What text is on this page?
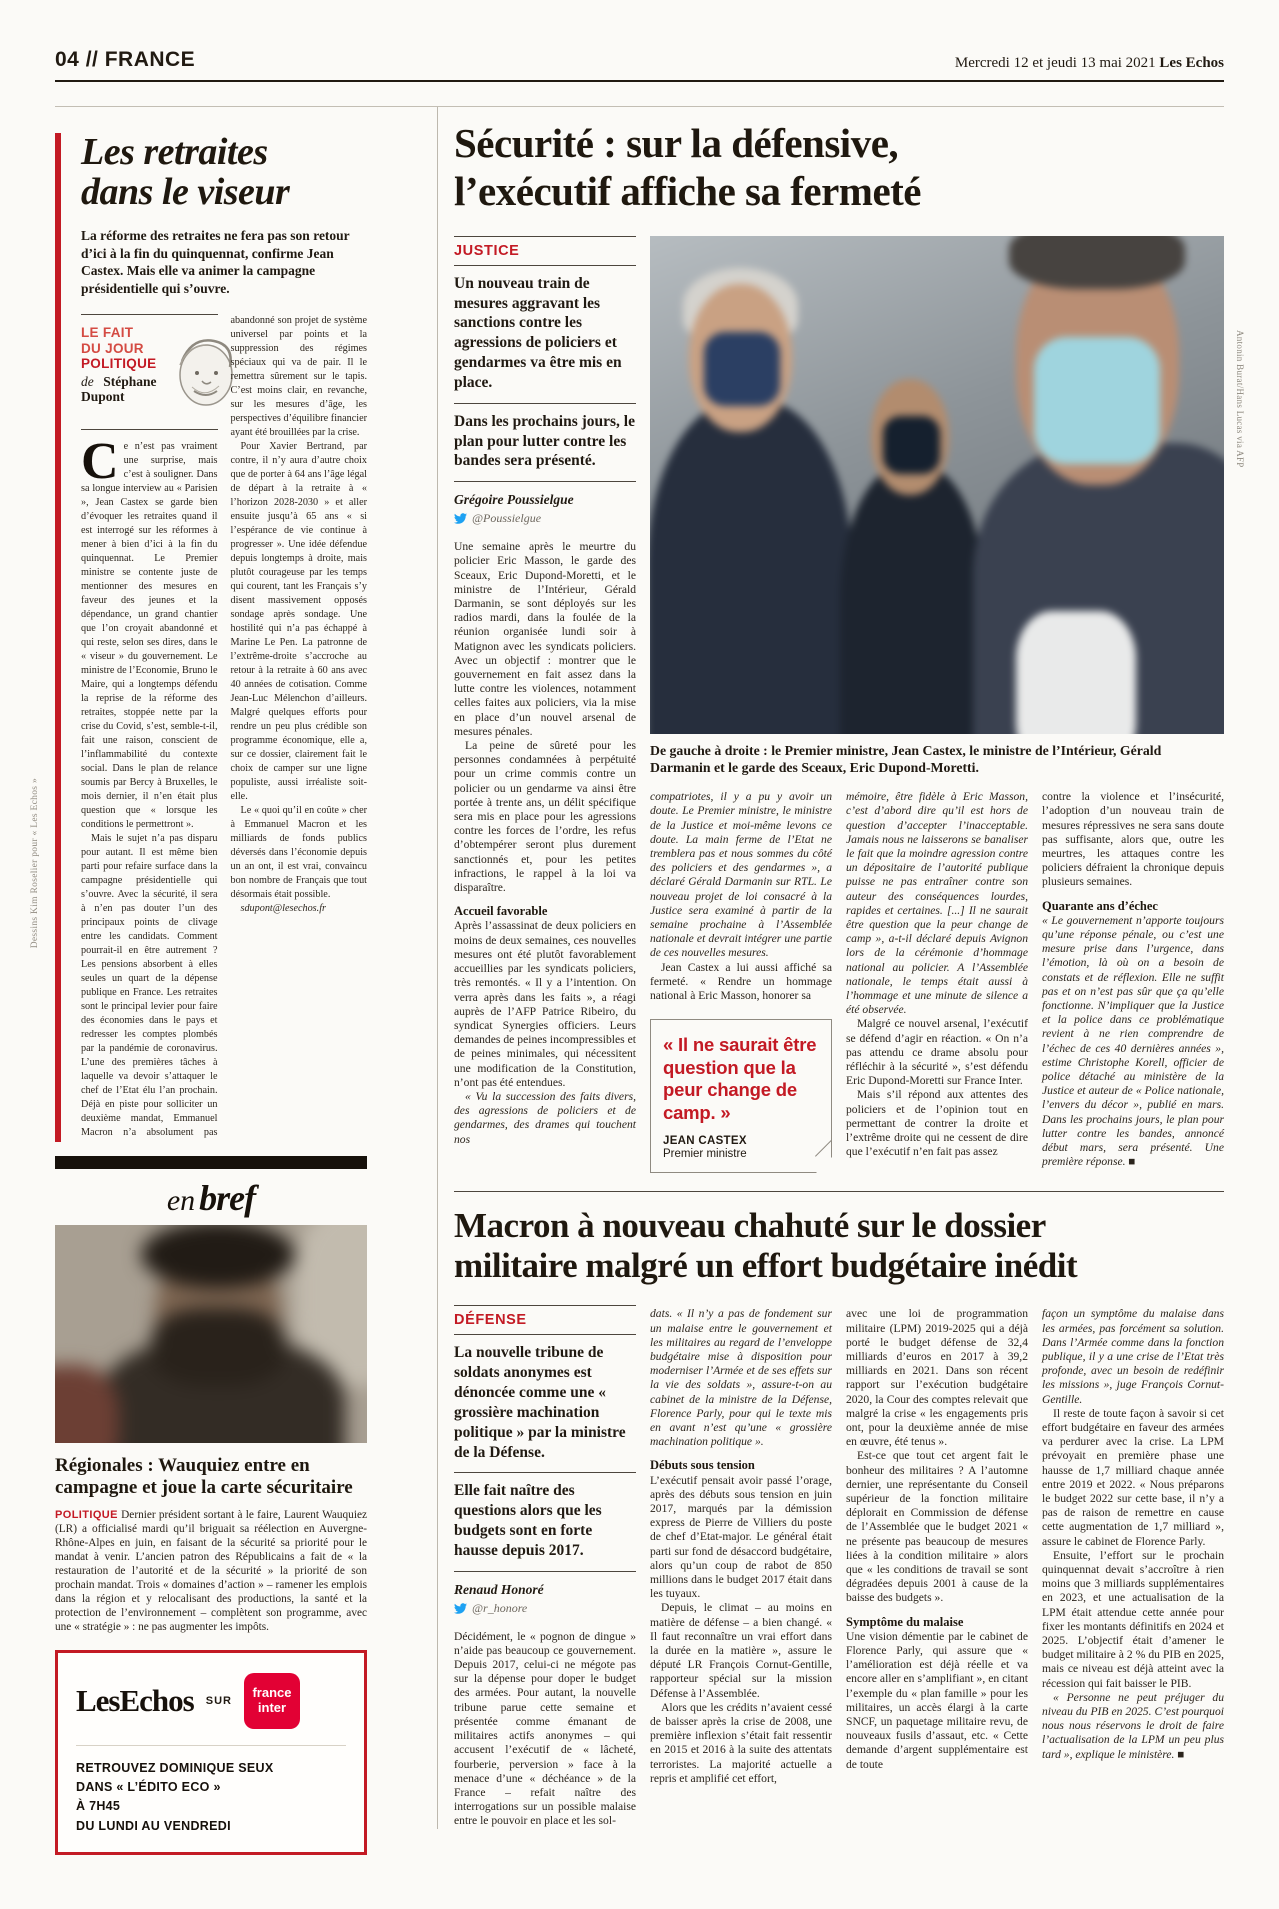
04 // FRANCE	Mercredi 12 et jeudi 13 mai 2021 Les Echos
Les retraites
dans le viseur
La réforme des retraites ne fera pas son retour d’ici à la fin du quinquennat, confirme Jean Castex. Mais elle va animer la campagne présidentielle qui s’ouvre.
LE FAIT
DU JOUR
POLITIQUE
de Stéphane Dupont

Ce n’est pas vraiment une surprise, mais c’est à souligner. Dans sa longue interview au « Parisien », Jean Castex se garde bien d’évoquer les retraites quand il est interrogé sur les réformes à mener à bien d’ici à la fin du quinquennat. Le Premier ministre se contente juste de mentionner des mesures en faveur des jeunes et la dépendance, un grand chantier que l’on croyait abandonné et qui reste, selon ses dires, dans le « viseur » du gouvernement. Le ministre de l’Economie, Bruno le Maire, qui a longtemps défendu la reprise de la réforme des retraites, stoppée nette par la crise du Covid, s’est, semble-t-il, fait une raison, conscient de l’inflammabilité du contexte social. Dans le plan de relance soumis par Bercy à Bruxelles, le mois dernier, il n’en était plus question que « lorsque les conditions le permettront ».

Mais le sujet n’a pas disparu pour autant. Il est même bien parti pour refaire surface dans la campagne présidentielle qui s’ouvre. Avec la sécurité, il sera à n’en pas douter l’un des principaux points de clivage entre les candidats. Comment pourrait-il en être autrement ? Les pensions absorbent à elles seules un quart de la dépense publique en France. Les retraites sont le principal levier pour faire des économies dans le pays et redresser les comptes plombés par la pandémie de coronavirus. L’une des premières tâches à laquelle va devoir s’attaquer le chef de l’Etat élu l’an prochain. Déjà en piste pour solliciter un deuxième mandat, Emmanuel Macron n’a absolument pas abandonné son projet de système universel par points et la suppression des régimes spéciaux qui va de pair. Il le remettra sûrement sur le tapis. C’est moins clair, en revanche, sur les mesures d’âge, les perspectives d’équilibre financier ayant été brouillées par la crise.

Pour Xavier Bertrand, par contre, il n’y aura d’autre choix que de porter à 64 ans l’âge légal de départ à la retraite à « l’horizon 2028-2030 » et aller ensuite jusqu’à 65 ans « si l’espérance de vie continue à progresser ». Une idée défendue depuis longtemps à droite, mais plutôt courageuse par les temps qui courent, tant les Français s’y disent massivement opposés sondage après sondage. Une hostilité qui n’a pas échappé à Marine Le Pen. La patronne de l’extrême-droite s’accroche au retour à la retraite à 60 ans avec 40 années de cotisation. Comme Jean-Luc Mélenchon d’ailleurs. Malgré quelques efforts pour rendre un peu plus crédible son programme économique, elle a, sur ce dossier, clairement fait le choix de camper sur une ligne populiste, aussi irréaliste soit-elle.

Le « quoi qu’il en coûte » cher à Emmanuel Macron et les milliards de fonds publics déversés dans l’économie depuis un an ont, il est vrai, convaincu bon nombre de Français que tout désormais était possible.

sdupont@lesechos.fr

en bref
Régionales : Wauquiez entre en campagne et joue la carte sécuritaire

POLITIQUE Dernier président sortant à le faire, Laurent Wauquiez (LR) a officialisé mardi qu’il briguait sa réélection en Auvergne-Rhône-Alpes en juin, en faisant de la sécurité sa priorité pour le mandat à venir. L’ancien patron des Républicains a fait de « la restauration de l’autorité et de la sécurité » la priorité de son prochain mandat. Trois « domaines d’action » – ramener les emplois dans la région et y relocalisant des productions, la santé et la protection de l’environnement – complètent son programme, avec une « stratégie » : ne pas augmenter les impôts.

LesEchos SUR
france
inter
RETROUVEZ DOMINIQUE SEUX
DANS « L’ÉDITO ECO »
À 7H45
DU LUNDI AU VENDREDI
Sécurité : sur la défensive,
l’exécutif affiche sa fermeté
JUSTICE
Un nouveau train de mesures aggravant les sanctions contre les agressions de policiers et gendarmes va être mis en place.
Dans les prochains jours, le plan pour lutter contre les bandes sera présenté.
Grégoire Poussielgue
@Poussielgue

Une semaine après le meurtre du policier Eric Masson, le garde des Sceaux, Eric Dupond-Moretti, et le ministre de l’Intérieur, Gérald Darmanin, se sont déployés sur les radios mardi, dans la foulée de la réunion organisée lundi soir à Matignon avec les syndicats policiers. Avec un objectif : montrer que le gouvernement en fait assez dans la lutte contre les violences, notamment celles faites aux policiers, via la mise en place d’un nouvel arsenal de mesures pénales.

La peine de sûreté pour les personnes condamnées à perpétuité pour un crime commis contre un policier ou un gendarme va ainsi être portée à trente ans, un délit spécifique sera mis en place pour les agressions contre les forces de l’ordre, les refus d’obtempérer seront plus durement sanctionnés et, pour les petites infractions, le rappel à la loi va disparaître.

Accueil favorable

Après l’assassinat de deux policiers en moins de deux semaines, ces nouvelles mesures ont été plutôt favorablement accueillies par les syndicats policiers, très remontés. « Il y a l’intention. On verra après dans les faits », a réagi auprès de l’AFP Patrice Ribeiro, du syndicat Synergies officiers. Leurs demandes de peines incompressibles et de peines minimales, qui nécessitent une modification de la Constitution, n’ont pas été entendues.

« Vu la succession des faits divers, des agressions de policiers et de gendarmes, des drames qui touchent nos

De gauche à droite : le Premier ministre, Jean Castex, le ministre de l’Intérieur, Gérald Darmanin et le garde des Sceaux, Eric Dupond-Moretti.

compatriotes, il y a pu y avoir un doute. Le Premier ministre, le ministre de la Justice et moi-même levons ce doute. La main ferme de l’Etat ne tremblera pas et nous sommes du côté des policiers et des gendarmes », a déclaré Gérald Darmanin sur RTL. Le nouveau projet de loi consacré à la Justice sera examiné à partir de la semaine prochaine à l’Assemblée nationale et devrait intégrer une partie de ces nouvelles mesures.

Jean Castex a lui aussi affiché sa fermeté. « Rendre un hommage national à Eric Masson, honorer sa

« Il ne saurait être question que la peur change de camp. »
JEAN CASTEX
Premier ministre

mémoire, être fidèle à Eric Masson, c’est d’abord dire qu’il est hors de question d’accepter l’inacceptable. Jamais nous ne laisserons se banaliser le fait que la moindre agression contre un dépositaire de l’autorité publique puisse ne pas entraîner contre son auteur des conséquences lourdes, rapides et certaines. [...] Il ne saurait être question que la peur change de camp », a-t-il déclaré depuis Avignon lors de la cérémonie d’hommage national au policier. A l’Assemblée nationale, le temps était aussi à l’hommage et une minute de silence a été observée.

Malgré ce nouvel arsenal, l’exécutif se défend d’agir en réaction. « On n’a pas attendu ce drame absolu pour réfléchir à la sécurité », s’est défendu Eric Dupond-Moretti sur France Inter.

Mais s’il répond aux attentes des policiers et de l’opinion tout en permettant de contrer la droite et l’extrême droite qui ne cessent de dire que l’exécutif n’en fait pas assez

contre la violence et l’insécurité, l’adoption d’un nouveau train de mesures répressives ne sera sans doute pas suffisante, alors que, outre les meurtres, les attaques contre les policiers défraient la chronique depuis plusieurs semaines.

Quarante ans d’échec

« Le gouvernement n’apporte toujours qu’une réponse pénale, ou c’est une mesure prise dans l’urgence, dans l’émotion, là où on a besoin de constats et de réflexion. Elle ne suffit pas et on n’est pas sûr que ça qu’elle fonctionne. N’impliquer que la Justice et la police dans ce problématique revient à ne rien comprendre de l’échec de ces 40 dernières années », estime Christophe Korell, officier de police détaché au ministère de la Justice et auteur de « Police nationale, l’envers du décor », publié en mars. Dans les prochains jours, le plan pour lutter contre les bandes, annoncé début mars, sera présenté. Une première réponse. ■

Macron à nouveau chahuté sur le dossier
militaire malgré un effort budgétaire inédit
DÉFENSE
La nouvelle tribune de soldats anonymes est dénoncée comme une « grossière machination politique » par la ministre de la Défense.
Elle fait naître des questions alors que les budgets sont en forte hausse depuis 2017.
Renaud Honoré
@r_honore

Décidément, le « pognon de dingue » n’aide pas beaucoup ce gouvernement. Depuis 2017, celui-ci ne mégote pas sur la dépense pour doper le budget des armées. Pour autant, la nouvelle tribune parue cette semaine et présentée comme émanant de militaires actifs anonymes – qui accusent l’exécutif de « lâcheté, fourberie, perversion » face à la menace d’une « déchéance » de la France – refait naître des interrogations sur un possible malaise entre le pouvoir en place et les sol-

dats. « Il n’y a pas de fondement sur un malaise entre le gouvernement et les militaires au regard de l’enveloppe budgétaire mise à disposition pour moderniser l’Armée et de ses effets sur la vie des soldats », assure-t-on au cabinet de la ministre de la Défense, Florence Parly, pour qui le texte mis en avant n’est qu’une « grossière machination politique ».

Débuts sous tension

L’exécutif pensait avoir passé l’orage, après des débuts sous tension en juin 2017, marqués par la démission express de Pierre de Villiers du poste de chef d’Etat-major. Le général était parti sur fond de désaccord budgétaire, alors qu’un coup de rabot de 850 millions dans le budget 2017 était dans les tuyaux.

Depuis, le climat – au moins en matière de défense – a bien changé. « Il faut reconnaître un vrai effort dans la durée en la matière », assure le député LR François Cornut-Gentille, rapporteur spécial sur la mission Défense à l’Assemblée.

Alors que les crédits n’avaient cessé de baisser après la crise de 2008, une première inflexion s’était fait ressentir en 2015 et 2016 à la suite des attentats terroristes. La majorité actuelle a repris et amplifié cet effort,

avec une loi de programmation militaire (LPM) 2019-2025 qui a déjà porté le budget défense de 32,4 milliards d’euros en 2017 à 39,2 milliards en 2021. Dans son récent rapport sur l’exécution budgétaire 2020, la Cour des comptes relevait que malgré la crise « les engagements pris ont, pour la deuxième année de mise en œuvre, été tenus ».

Est-ce que tout cet argent fait le bonheur des militaires ? A l’automne dernier, une représentante du Conseil supérieur de la fonction militaire déplorait en Commission de défense de l’Assemblée que le budget 2021 « ne présente pas beaucoup de mesures liées à la condition militaire » alors que « les conditions de travail se sont dégradées depuis 2001 à cause de la baisse des budgets ».

Symptôme du malaise

Une vision démentie par le cabinet de Florence Parly, qui assure que « l’amélioration est déjà réelle et va encore aller en s’amplifiant », en citant l’exemple du « plan famille » pour les militaires, un accès élargi à la carte SNCF, un paquetage militaire revu, de nouveaux fusils d’assaut, etc. « Cette demande d’argent supplémentaire est de toute

façon un symptôme du malaise dans les armées, pas forcément sa solution. Dans l’Armée comme dans la fonction publique, il y a une crise de l’Etat très profonde, avec un besoin de redéfinir les missions », juge François Cornut-Gentille.

Il reste de toute façon à savoir si cet effort budgétaire en faveur des armées va perdurer avec la crise. La LPM prévoyait en première phase une hausse de 1,7 milliard chaque année entre 2019 et 2022. « Nous préparons le budget 2022 sur cette base, il n’y a pas de raison de remettre en cause cette augmentation de 1,7 milliard », assure le cabinet de Florence Parly.

Ensuite, l’effort sur le prochain quinquennat devait s’accroître à rien moins que 3 milliards supplémentaires en 2023, et une actualisation de la LPM était attendue cette année pour fixer les montants définitifs en 2024 et 2025. L’objectif était d’amener le budget militaire à 2 % du PIB en 2025, mais ce niveau est déjà atteint avec la récession qui fait baisser le PIB.

« Personne ne peut préjuger du niveau du PIB en 2025. C’est pourquoi nous nous réservons le droit de faire l’actualisation de la LPM un peu plus tard », explique le ministère. ■

Dessins Kim Roselier pour « Les Echos »
Antonin Burat/Hans Lucas via AFP
